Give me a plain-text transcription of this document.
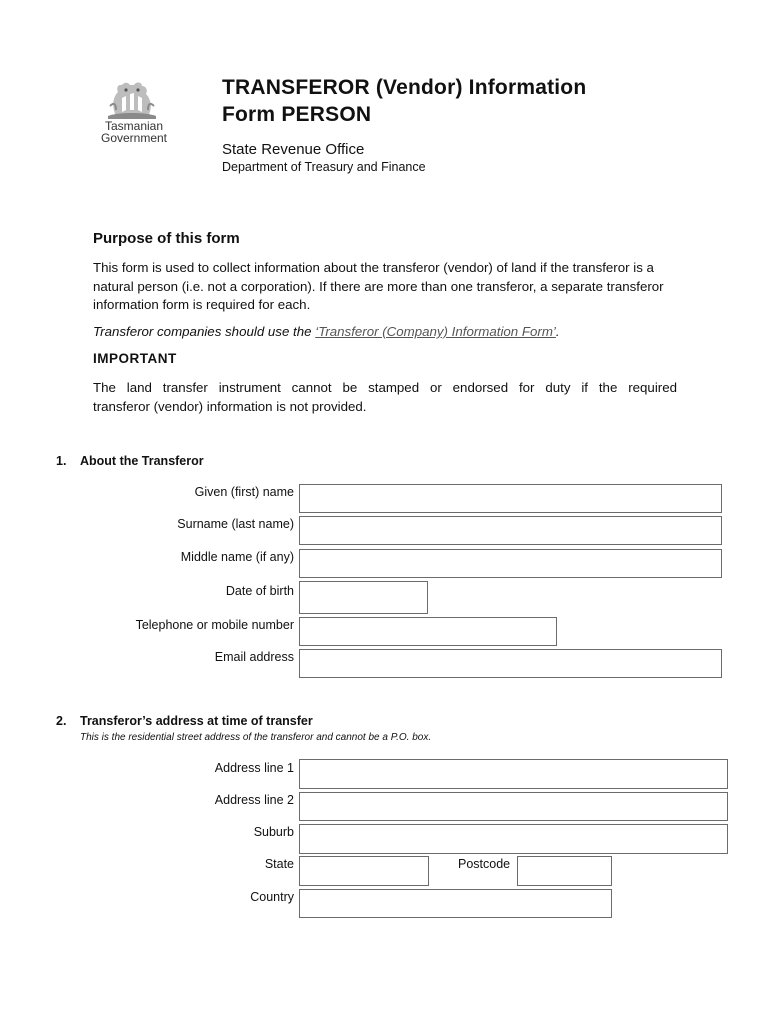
Tasmanian
Government
TRANSFEROR (Vendor) Information
Form PERSON
State Revenue Office
Department of Treasury and Finance
Purpose of this form
This form is used to collect information about the transferor (vendor) of land if the transferor is a
natural person (i.e. not a corporation). If there are more than one transferor, a separate transferor
information form is required for each.
Transferor companies should use the ‘Transferor (Company) Information Form’.
IMPORTANT
The land transfer instrument cannot be stamped or endorsed for duty if the required
transferor (vendor) information is not provided.
1. About the Transferor
Given (first) name
Surname (last name)
Middle name (if any)
Date of birth
Telephone or mobile number
Email address
2. Transferor’s address at time of transfer
This is the residential street address of the transferor and cannot be a P.O. box.
Address line 1
Address line 2
Suburb
State	Postcode
Country
